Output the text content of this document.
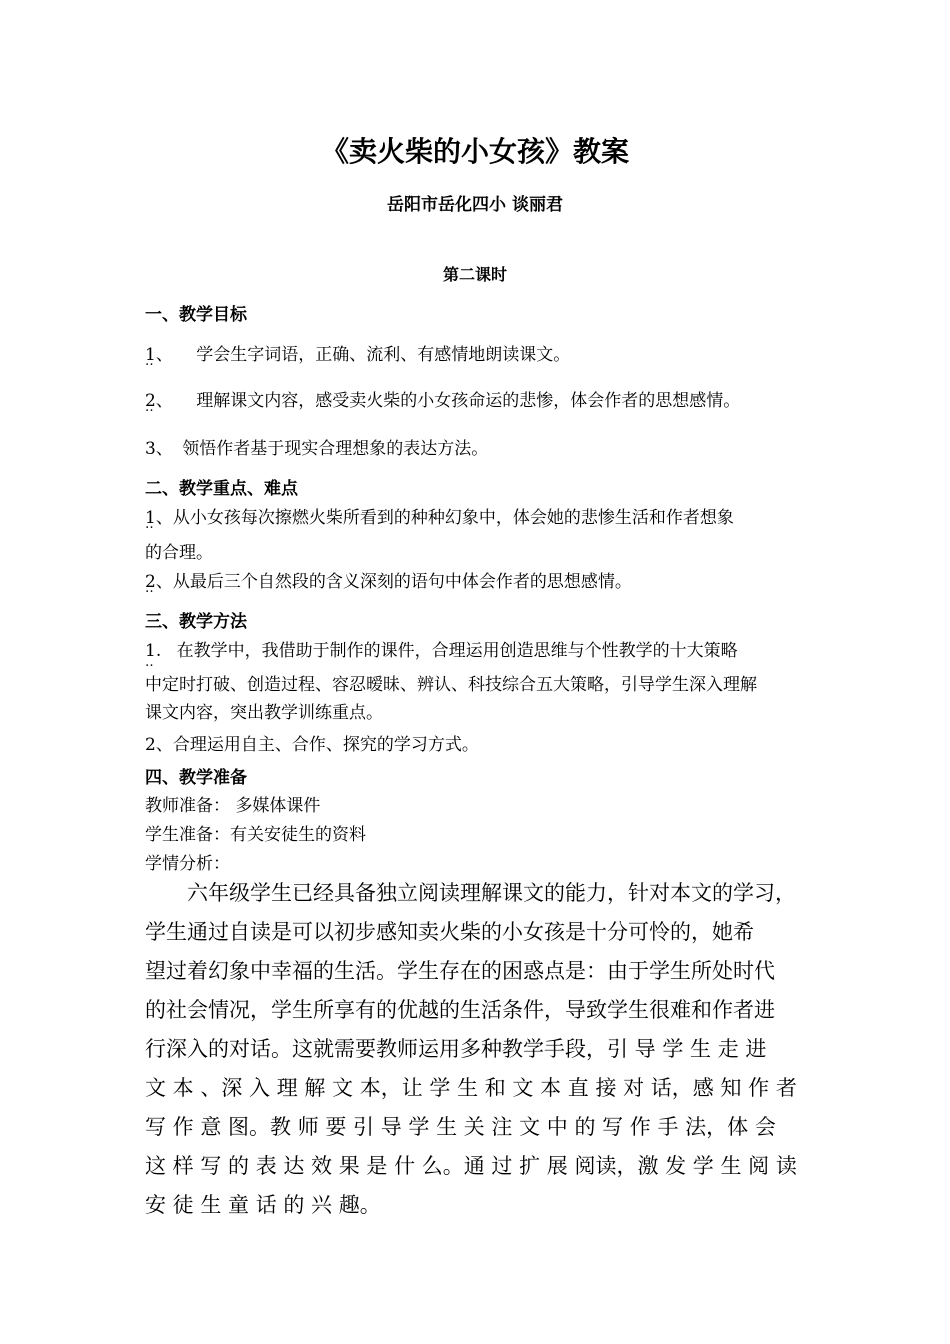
《卖火柴的小女孩》教案
岳阳市岳化四小 谈丽君
第二课时
一、教学目标
1、 ‥ 学会生字词语，正确、流利、有感情地朗读课文。
2、 ‥ 理解课文内容，感受卖火柴的小女孩命运的悲惨，体会作者的思想感情。
3、 领悟作者基于现实合理想象的表达方法。
二、教学重点、难点
1、 ‥从小女孩每次擦燃火柴所看到的种种幻象中，体会她的悲惨生活和作者想象
的合理。
2、 ‥从最后三个自然段的含义深刻的语句中体会作者的思想感情。
三、教学方法
1. ‥ 在教学中，我借助于制作的课件，合理运用创造思维与个性教学的十大策略
中定时打破、创造过程、容忍暧昧、辨认、科技综合五大策略，引导学生深入理解
课文内容，突出教学训练重点。
2、合理运用自主、合作、探究的学习方式。
四、教学准备
教师准备： 多媒体课件
学生准备：有关安徒生的资料
学情分析：
六年级学生已经具备独立阅读理解课文的能力，针对本文的学习，
学生通过自读是可以初步感知卖火柴的小女孩是十分可怜的，她希
望过着幻象中幸福的生活。学生存在的困惑点是：由于学生所处时代
的社会情况，学生所享有的优越的生活条件，导致学生很难和作者进
行深入的对话。这就需要教师运用多种教学手段，引 导 学 生 走 进
文 本 、深 入 理 解 文 本，让 学 生 和 文 本 直 接 对 话，感 知 作 者
写 作 意 图。教 师 要 引 导 学 生 关 注 文 中 的 写 作 手 法，体 会
这 样 写 的 表 达 效 果 是 什 么。通 过 扩 展 阅读，激 发 学 生 阅 读
安 徒 生 童 话 的 兴 趣。
